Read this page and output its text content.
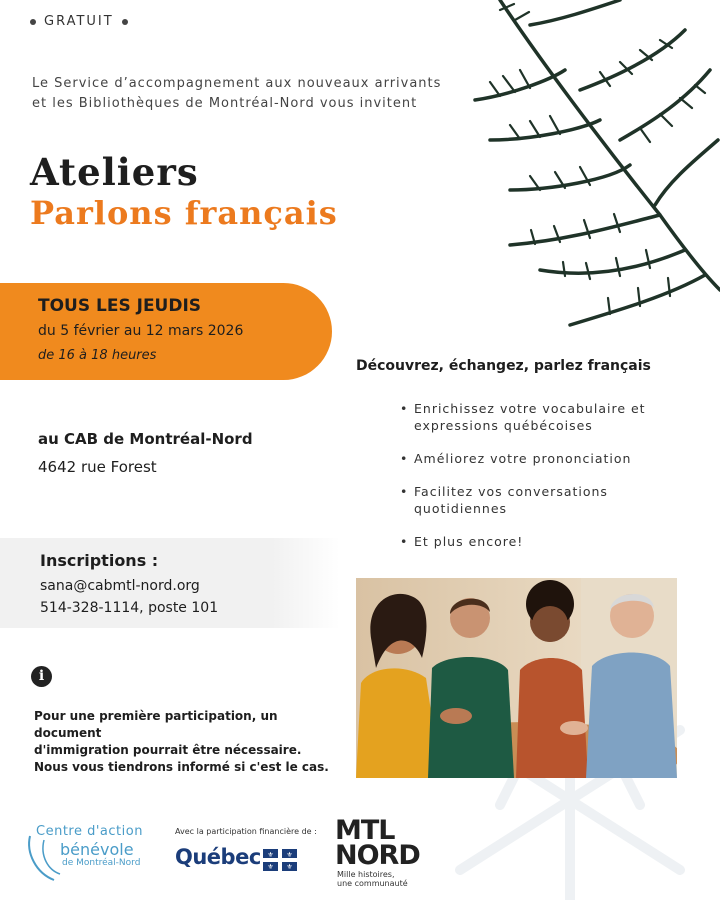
GRATUIT
Le Service d’accompagnement aux nouveaux arrivants
et les Bibliothèques de Montréal-Nord vous invitent
Ateliers
Parlons français
TOUS LES JEUDIS
du 5 février au 12 mars 2026
de 16 à 18 heures
au CAB de Montréal-Nord
4642 rue Forest
Inscriptions :
sana@cabmtl-nord.org
514-328-1114, poste 101
i
Pour une première participation, un document
d'immigration pourrait être nécessaire.
Nous vous tiendrons informé si c'est le cas.
Découvrez, échangez, parlez français
• Enrichissez votre vocabulaire et
expressions québécoises
• Améliorez votre prononciation
• Facilitez vos conversations
quotidiennes
• Et plus encore!
Centre d'action
bénévole
de Montréal-Nord
Avec la participation financière de :
Québec ⚜ ⚜
⚜ ⚜
MTL
NORD
Mille histoires,
une communauté
